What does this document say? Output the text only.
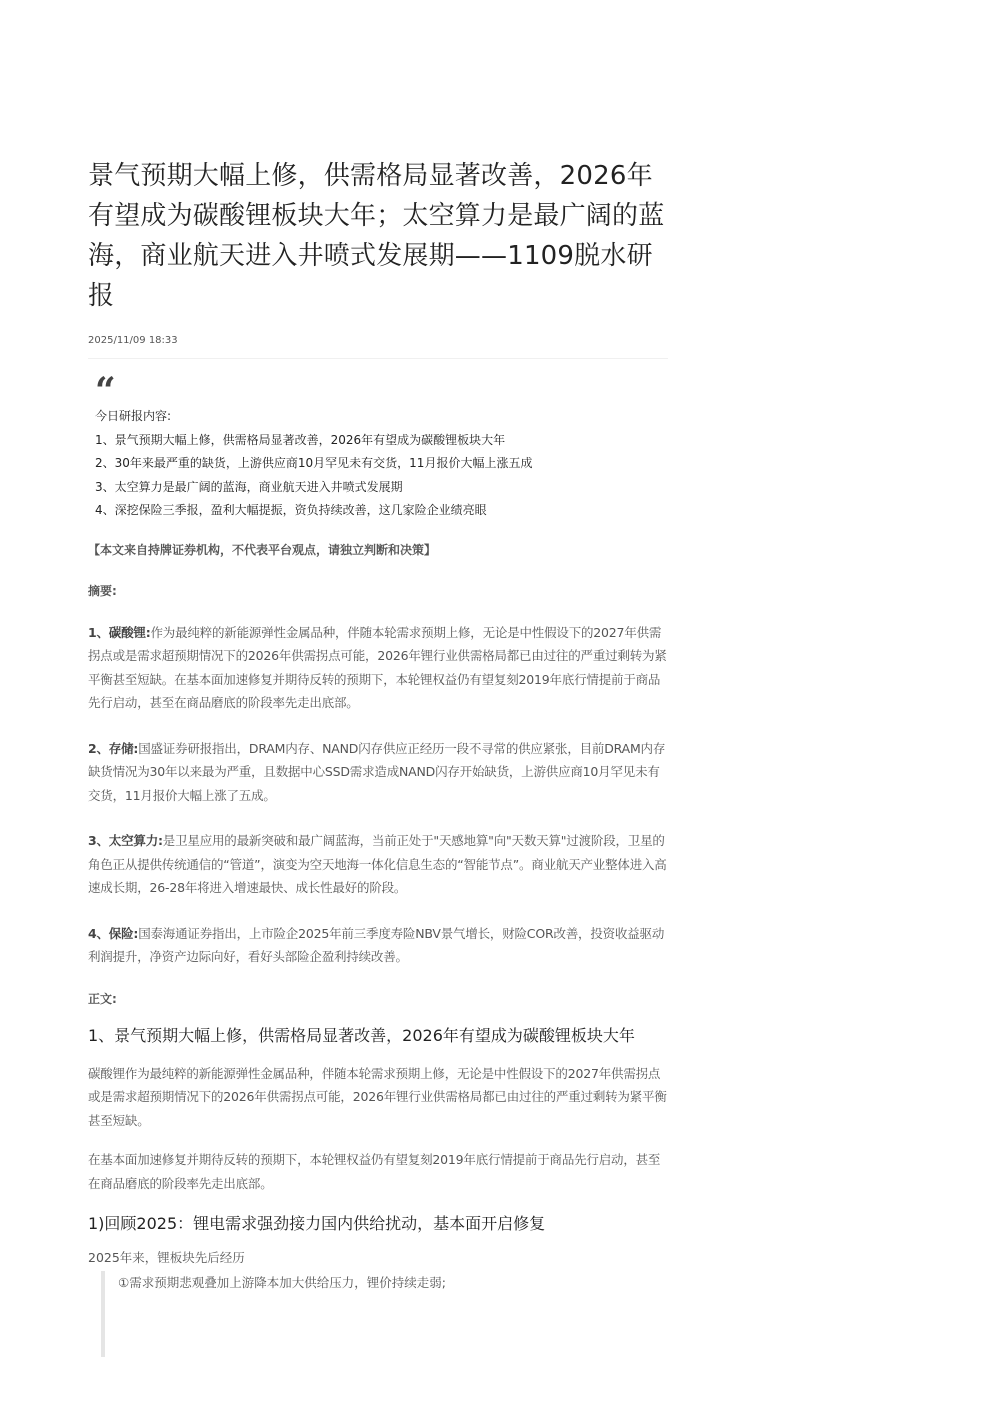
景气预期大幅上修，供需格局显著改善，2026年有望成为碳酸锂板块大年；太空算力是最广阔的蓝海，商业航天进入井喷式发展期——1109脱水研报
2025/11/09 18:33
“
今日研报内容:
1、景气预期大幅上修，供需格局显著改善，2026年有望成为碳酸锂板块大年
2、30年来最严重的缺货，上游供应商10月罕见未有交货，11月报价大幅上涨五成
3、太空算力是最广阔的蓝海，商业航天进入井喷式发展期
4、深挖保险三季报，盈利大幅提振，资负持续改善，这几家险企业绩亮眼
【本文来自持牌证券机构，不代表平台观点，请独立判断和决策】
摘要:
1、碳酸锂:作为最纯粹的新能源弹性金属品种，伴随本轮需求预期上修，无论是中性假设下的2027年供需拐点或是需求超预期情况下的2026年供需拐点可能，2026年锂行业供需格局都已由过往的严重过剩转为紧平衡甚至短缺。在基本面加速修复并期待反转的预期下，本轮锂权益仍有望复刻2019年底行情提前于商品先行启动，甚至在商品磨底的阶段率先走出底部。
2、存储:国盛证券研报指出，DRAM内存、NAND闪存供应正经历一段不寻常的供应紧张，目前DRAM内存缺货情况为30年以来最为严重，且数据中心SSD需求造成NAND闪存开始缺货，上游供应商10月罕见未有交货，11月报价大幅上涨了五成。
3、太空算力:是卫星应用的最新突破和最广阔蓝海，当前正处于"天感地算"向"天数天算"过渡阶段，卫星的角色正从提供传统通信的“管道”，演变为空天地海一体化信息生态的“智能节点”。商业航天产业整体进入高速成长期，26-28年将进入增速最快、成长性最好的阶段。
4、保险:国泰海通证券指出，上市险企2025年前三季度寿险NBV景气增长，财险COR改善，投资收益驱动利润提升，净资产边际向好，看好头部险企盈利持续改善。
正文:
1、景气预期大幅上修，供需格局显著改善，2026年有望成为碳酸锂板块大年
碳酸锂作为最纯粹的新能源弹性金属品种，伴随本轮需求预期上修，无论是中性假设下的2027年供需拐点或是需求超预期情况下的2026年供需拐点可能，2026年锂行业供需格局都已由过往的严重过剩转为紧平衡甚至短缺。
在基本面加速修复并期待反转的预期下，本轮锂权益仍有望复刻2019年底行情提前于商品先行启动，甚至在商品磨底的阶段率先走出底部。
1)回顾2025：锂电需求强劲接力国内供给扰动，基本面开启修复
2025年来，锂板块先后经历
①需求预期悲观叠加上游降本加大供给压力，锂价持续走弱;
